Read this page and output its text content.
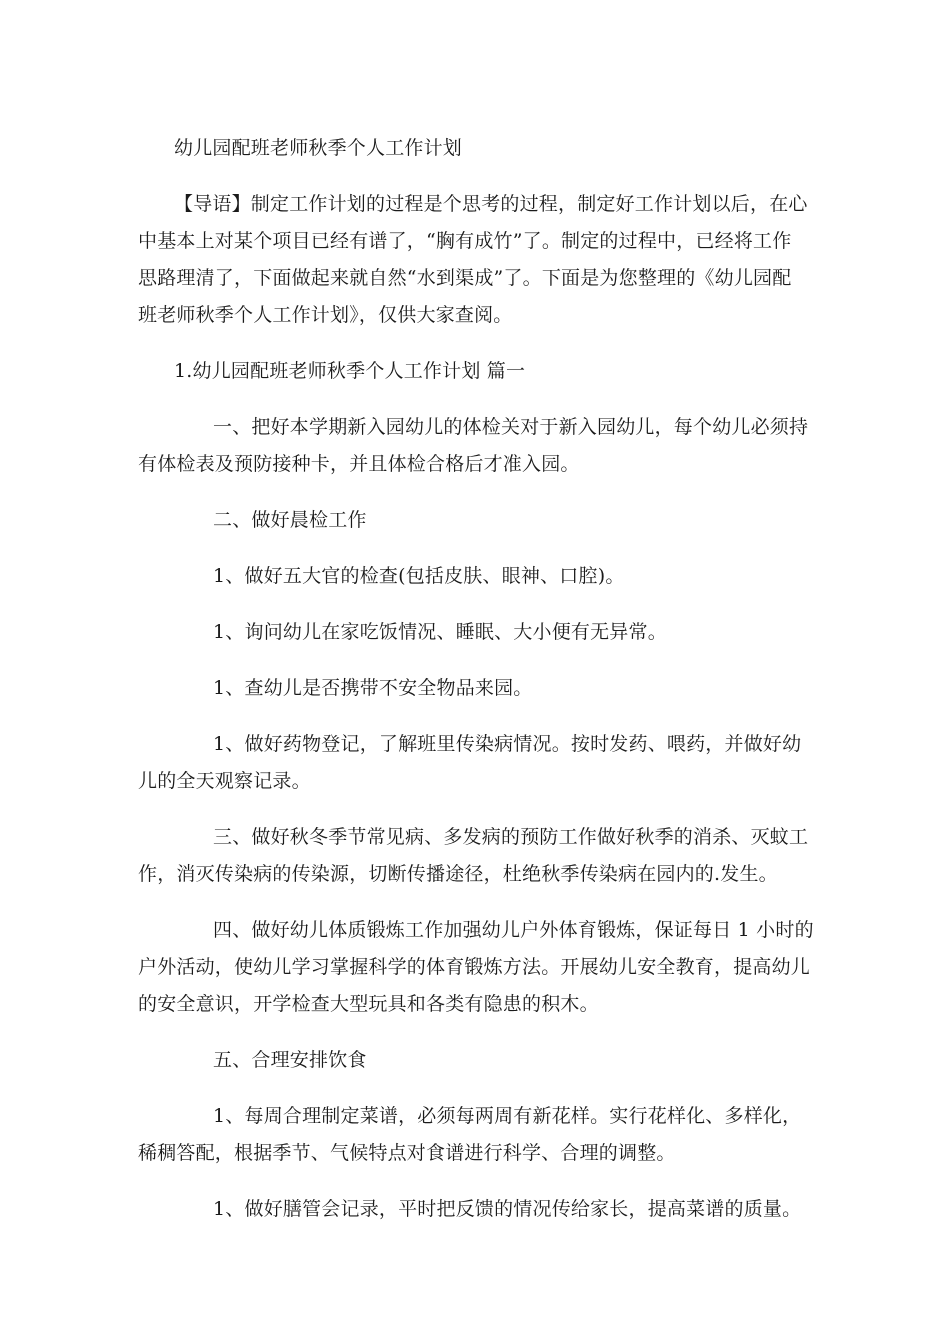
幼儿园配班老师秋季个人工作计划
【导语】制定工作计划的过程是个思考的过程，制定好工作计划以后，在心
中基本上对某个项目已经有谱了，“胸有成竹”了。制定的过程中，已经将工作
思路理清了，下面做起来就自然“水到渠成”了。下面是为您整理的《幼儿园配
班老师秋季个人工作计划》，仅供大家查阅。
1.幼儿园配班老师秋季个人工作计划 篇一
一、把好本学期新入园幼儿的体检关对于新入园幼儿，每个幼儿必须持
有体检表及预防接种卡，并且体检合格后才准入园。
二、做好晨检工作
1、做好五大官的检查(包括皮肤、眼神、口腔)。
1、询问幼儿在家吃饭情况、睡眠、大小便有无异常。
1、查幼儿是否携带不安全物品来园。
1、做好药物登记，了解班里传染病情况。按时发药、喂药，并做好幼
儿的全天观察记录。
三、做好秋冬季节常见病、多发病的预防工作做好秋季的消杀、灭蚊工
作，消灭传染病的传染源，切断传播途径，杜绝秋季传染病在园内的.发生。
四、做好幼儿体质锻炼工作加强幼儿户外体育锻炼，保证每日 1 小时的
户外活动，使幼儿学习掌握科学的体育锻炼方法。开展幼儿安全教育，提高幼儿
的安全意识，开学检查大型玩具和各类有隐患的积木。
五、合理安排饮食
1、每周合理制定菜谱，必须每两周有新花样。实行花样化、多样化，
稀稠答配，根据季节、气候特点对食谱进行科学、合理的调整。
1、做好膳管会记录，平时把反馈的情况传给家长，提高菜谱的质量。
